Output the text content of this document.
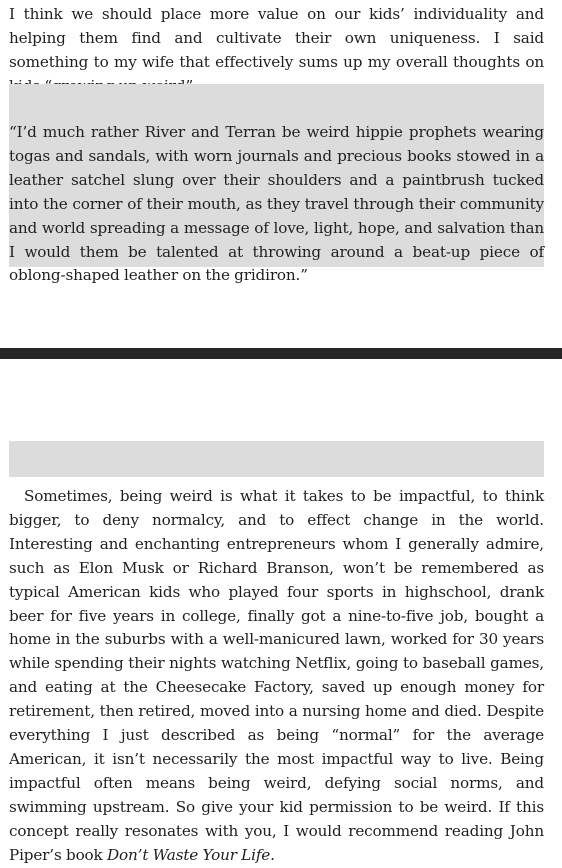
I think we should place more value on our kids’ individuality and helping them find and cultivate their own uniqueness. I said something to my wife that effectively sums up my overall thoughts on

“I’d much rather River and Terran be weird hippie prophets wearing togas and sandals, with worn journals and precious books stowed in a leather satchel slung over their shoulders and a paintbrush tucked into the corner of their mouth, as they travel through their community and world spreading a message of love, light, hope, and salvation than I would them be talented at throwing around a beat-up piece of oblong-shaped leather on the gridiron.”

Sometimes, being weird is what it takes to be impactful, to think bigger, to deny normalcy, and to effect change in the world. Interesting and enchanting entrepreneurs whom I generally admire, such as Elon Musk or Richard Branson, won’t be remembered as typical American kids who played four sports in highschool, drank beer for five years in college, finally got a nine-to-five job, bought a home in the suburbs with a well-manicured lawn, worked for 30 years while spending their nights watching Netflix, going to baseball games, and eating at the Cheesecake Factory, saved up enough money for retirement, then retired, moved into a nursing home and died. Despite everything I just described as being “normal” for the average American, it isn’t necessarily the most impactful way to live. Being impactful often means being weird, defying social norms, and swimming upstream. So give your kid permission to be weird. If this concept really resonates with you, I would recommend reading John Piper’s book Don’t Waste Your Life.
